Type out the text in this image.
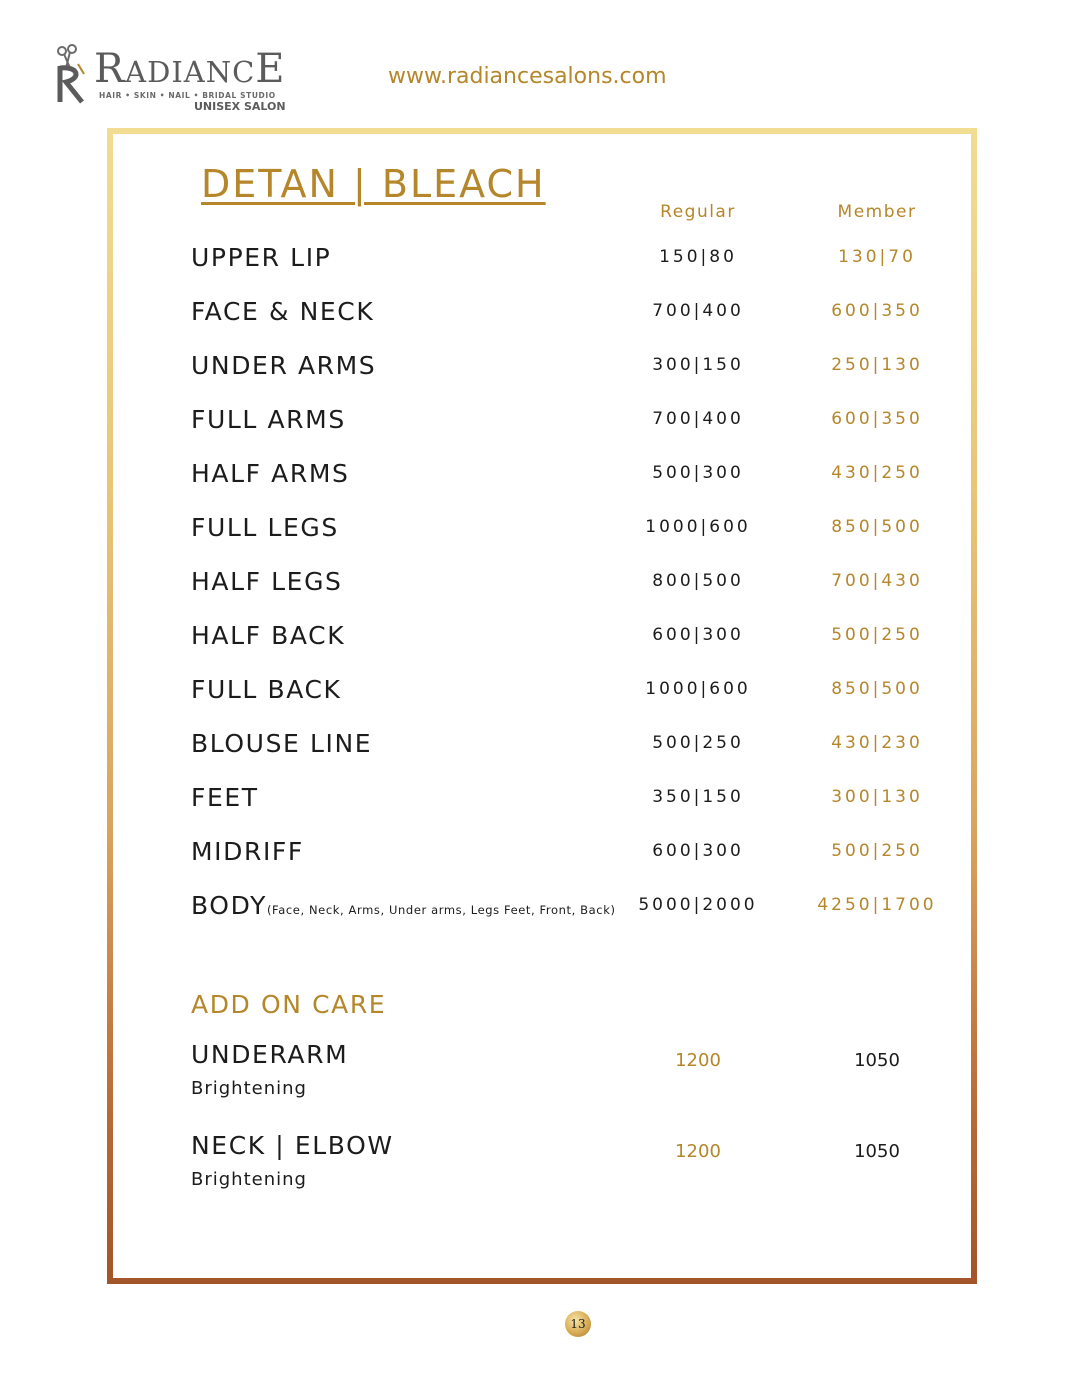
RADIANCE
HAIR • SKIN • NAIL • BRIDAL STUDIO
UNISEX SALON
www.radiancesalons.com
DETAN | BLEACH
Regular	Member
UPPER LIP	150|80	130|70
FACE & NECK	700|400	600|350
UNDER ARMS	300|150	250|130
FULL ARMS	700|400	600|350
HALF ARMS	500|300	430|250
FULL LEGS	1000|600	850|500
HALF LEGS	800|500	700|430
HALF BACK	600|300	500|250
FULL BACK	1000|600	850|500
BLOUSE LINE	500|250	430|230
FEET	350|150	300|130
MIDRIFF	600|300	500|250
BODY(Face, Neck, Arms, Under arms, Legs Feet, Front, Back)	5000|2000	4250|1700
ADD ON CARE
UNDERARM
Brightening
1200	1050
NECK | ELBOW
Brightening
1200	1050
13
